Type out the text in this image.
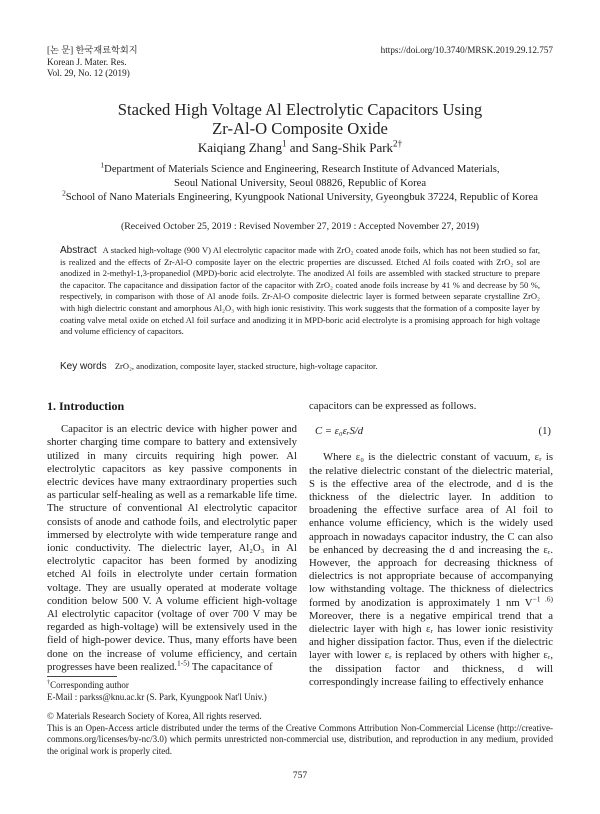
[논 문] 한국재료학회지
Korean J. Mater. Res.
Vol. 29, No. 12 (2019)
https://doi.org/10.3740/MRSK.2019.29.12.757
Stacked High Voltage Al Electrolytic Capacitors Using
Zr-Al-O Composite Oxide
Kaiqiang Zhang$^1$ and Sang-Shik Park$^{2\dagger}$
$^1$Department of Materials Science and Engineering, Research Institute of Advanced Materials,
Seoul National University, Seoul 08826, Republic of Korea
$^2$School of Nano Materials Engineering, Kyungpook National University, Gyeongbuk 37224, Republic of Korea
(Received October 25, 2019 : Revised November 27, 2019 : Accepted November 27, 2019)
Abstract A stacked high-voltage (900 V) Al electrolytic capacitor made with ZrO₂ coated anode foils, which has not been studied so far, is realized and the effects of Zr-Al-O composite layer on the electric properties are discussed. Etched Al foils coated with ZrO₂ sol are anodized in 2-methyl-1,3-propanediol (MPD)-boric acid electrolyte. The anodized Al foils are assembled with stacked structure to prepare the capacitor. The capacitance and dissipation factor of the capacitor with ZrO₂ coated anode foils increase by 41 % and decrease by 50 %, respectively, in comparison with those of Al anode foils. Zr-Al-O composite dielectric layer is formed between separate crystalline ZrO₂ with high dielectric constant and amorphous Al₂O₃ with high ionic resistivity. This work suggests that the formation of a composite layer by coating valve metal oxide on etched Al foil surface and anodizing it in MPD-boric acid electrolyte is a promising approach for high voltage and volume efficiency of capacitors.
Key words ZrO₂, anodization, composite layer, stacked structure, high-voltage capacitor.
1. Introduction

Capacitor is an electric device with higher power and shorter charging time compare to battery and extensively utilized in many circuits requiring high power. Al electrolytic capacitors as key passive components in electric devices have many extraordinary properties such as particular self-healing as well as a remarkable life time. The structure of conventional Al electrolytic capacitor consists of anode and cathode foils, and electrolytic paper immersed by electrolyte with wide temperature range and ionic conductivity. The dielectric layer, Al₂O₃ in Al electrolytic capacitor has been formed by anodizing etched Al foils in electrolyte under certain formation voltage. They are usually operated at moderate voltage condition below 500 V. A volume efficient high-voltage Al electrolytic capacitor (voltage of over 700 V may be regarded as high-voltage) will be extensively used in the field of high-power device. Thus, many efforts have been done on the increase of volume efficiency, and certain progresses have been realized.$^{1-5)}$ The capacitance of

capacitors can be expressed as follows.

C = ε₀εᵣS/d	(1)

Where ε₀ is the dielectric constant of vacuum, εᵣ is the relative dielectric constant of the dielectric material, S is the effective area of the electrode, and d is the thickness of the dielectric layer. In addition to broadening the effective surface area of Al foil to enhance volume efficiency, which is the widely used approach in nowadays capacitor industry, the C can also be enhanced by decreasing the d and increasing the εᵣ. However, the approach for decreasing thickness of dielectrics is not appropriate because of accompanying low withstanding voltage. The thickness of dielectrics formed by anodization is approximately 1 nm $V^{-1 .6)}$ Moreover, there is a negative empirical trend that a dielectric layer with high εᵣ has lower ionic resistivity and higher dissipation factor. Thus, even if the dielectric layer with lower εᵣ is replaced by others with higher εᵣ, the dissipation factor and thickness, d will correspondingly increase failing to effectively enhance

†Corresponding author

E-Mail : parkss@knu.ac.kr (S. Park, Kyungpook Nat'l Univ.)

© Materials Research Society of Korea, All rights reserved.

This is an Open-Access article distributed under the terms of the Creative Commons Attribution Non-Commercial License (http://creative-commons.org/licenses/by-nc/3.0) which permits unrestricted non-commercial use, distribution, and reproduction in any medium, provided the original work is properly cited.

757
